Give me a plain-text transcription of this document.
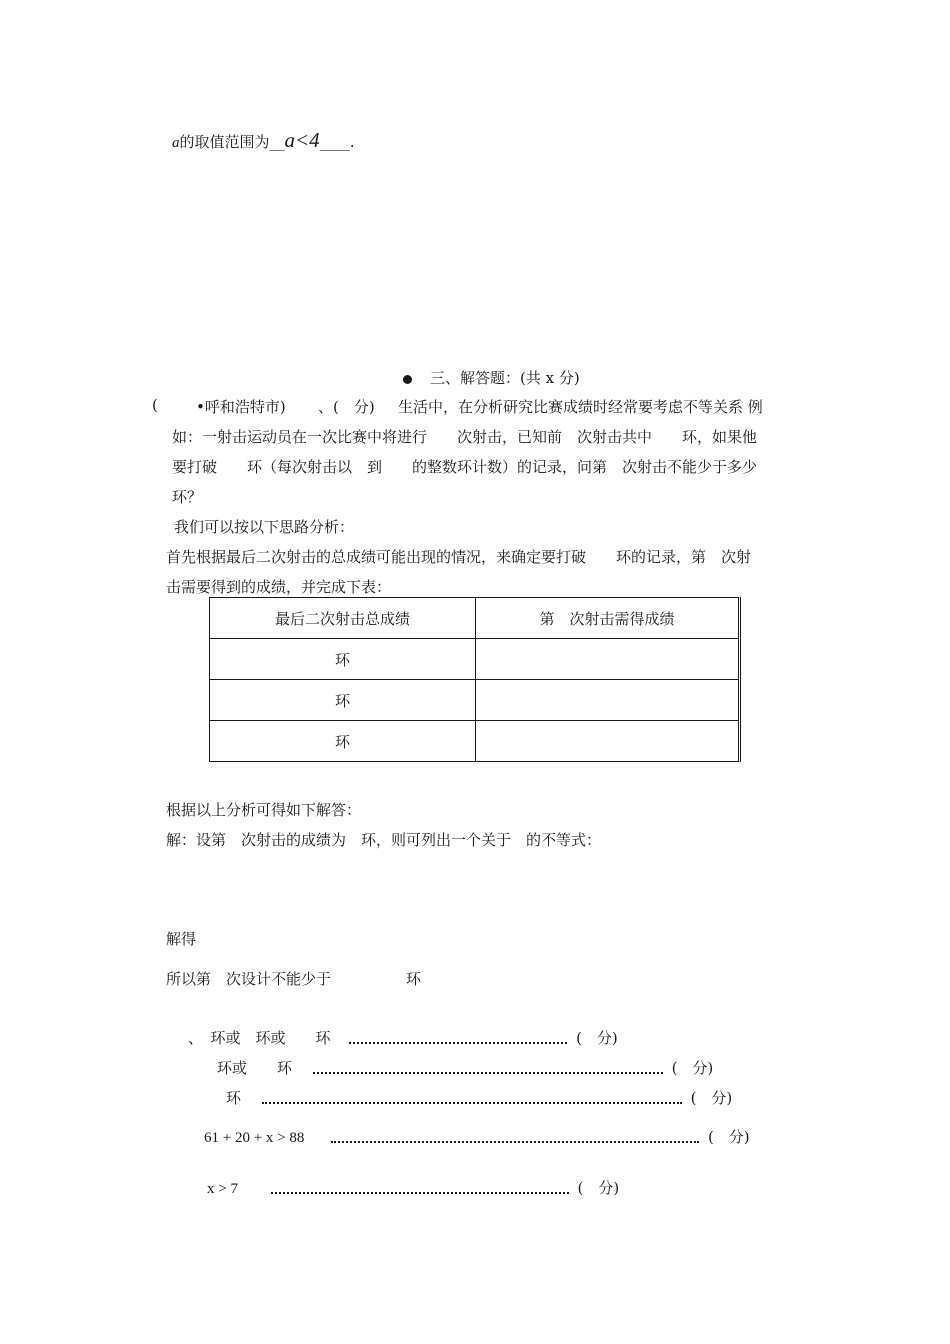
a的取值范围为__a<4____.
三、解答题：(共 x 分)
(	•呼和浩特市) 、(　分) 生活中，在分析研究比赛成绩时经常要考虑不等关系 例
如：一射击运动员在一次比赛中将进行　　次射击，已知前　次射击共中　　环，如果他
要打破　　环（每次射击以　到　　的整数环计数）的记录，问第　次射击不能少于多少
环？
我们可以按以下思路分析：
首先根据最后二次射击的总成绩可能出现的情况，来确定要打破　　环的记录，第　次射
击需要得到的成绩，并完成下表：
最后二次射击总成绩	第　次射击需得成绩
环	
环	
环	
根据以上分析可得如下解答：
解：设第　次射击的成绩为　环，则可列出一个关于　的不等式：
解得
所以第　次设计不能少于　　　　　环
、　环或　环或　　环	(　分)
环或　　环	(　分)
环	(　分)
61 + 20 + x > 88	(　分)
x > 7	(　分)
